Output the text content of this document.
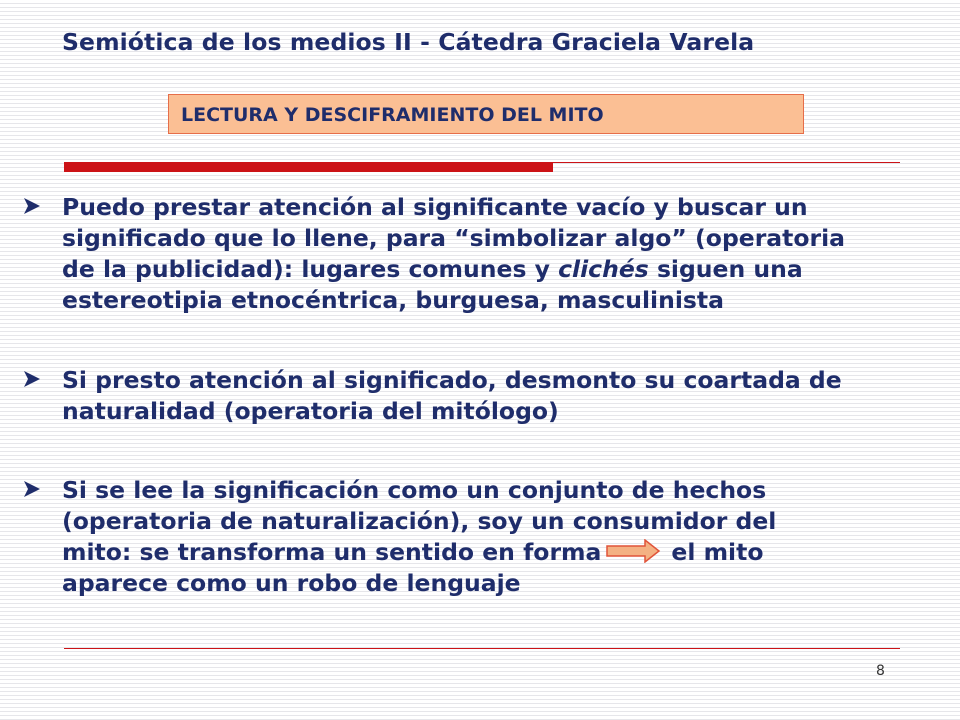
Semiótica de los medios II - Cátedra Graciela Varela
LECTURA Y DESCIFRAMIENTO DEL MITO
Puedo prestar atención al significante vacío y buscar un
significado que lo llene, para “simbolizar algo” (operatoria
de la publicidad): lugares comunes y clichés siguen una
estereotipia etnocéntrica, burguesa, masculinista
Si presto atención al significado, desmonto su coartada de
naturalidad (operatoria del mitólogo)
Si se lee la significación como un conjunto de hechos
(operatoria de naturalización), soy un consumidor del
mito: se transforma un sentido en forma	el mito
aparece como un robo de lenguaje
8
